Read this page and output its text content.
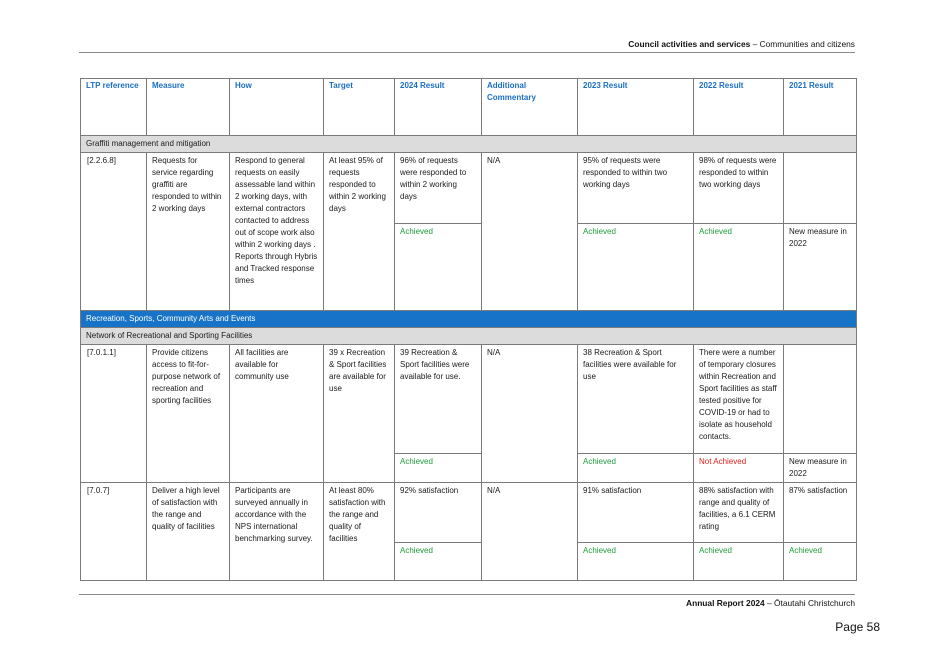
Council activities and services – Communities and citizens
LTP reference	Measure	How	Target	2024 Result	Additional Commentary	2023 Result	2022 Result	2021 Result
Graffiti management and mitigation								
[2.2.6.8]	Requests for service regarding graffiti are responded to within 2 working days	Respond to general requests on easily assessable land within 2 working days, with external contractors contacted to address out of scope work also within 2 working days . Reports through Hybris and Tracked response times	At least 95% of requests responded to within 2 working days	96% of requests were responded to within 2 working days	N/A	95% of requests were responded to within two working days	98% of requests were responded to within two working days	
				Achieved		Achieved	Achieved	New measure in 2022
Recreation, Sports, Community Arts and Events								
Network of Recreational and Sporting Facilities								
[7.0.1.1]	Provide citizens access to fit-for-purpose network of recreation and sporting facilities	All facilities are available for community use	39 x Recreation & Sport facilities are available for use	39 Recreation & Sport facilities were available for use.	N/A	38 Recreation & Sport facilities were available for use	There were a number of temporary closures within Recreation and Sport facilities as staff tested positive for COVID-19 or had to isolate as household contacts.	
				Achieved		Achieved	Not Achieved	New measure in 2022
[7.0.7]	Deliver a high level of satisfaction with the range and quality of facilities	Participants are surveyed annually in accordance with the NPS international benchmarking survey.	At least 80% satisfaction with the range and quality of facilities	92% satisfaction	N/A	91% satisfaction	88% satisfaction with range and quality of facilities, a 6.1 CERM rating	87% satisfaction
				Achieved		Achieved	Achieved	Achieved
Annual Report 2024 – Ōtautahi Christchurch
Page 58
